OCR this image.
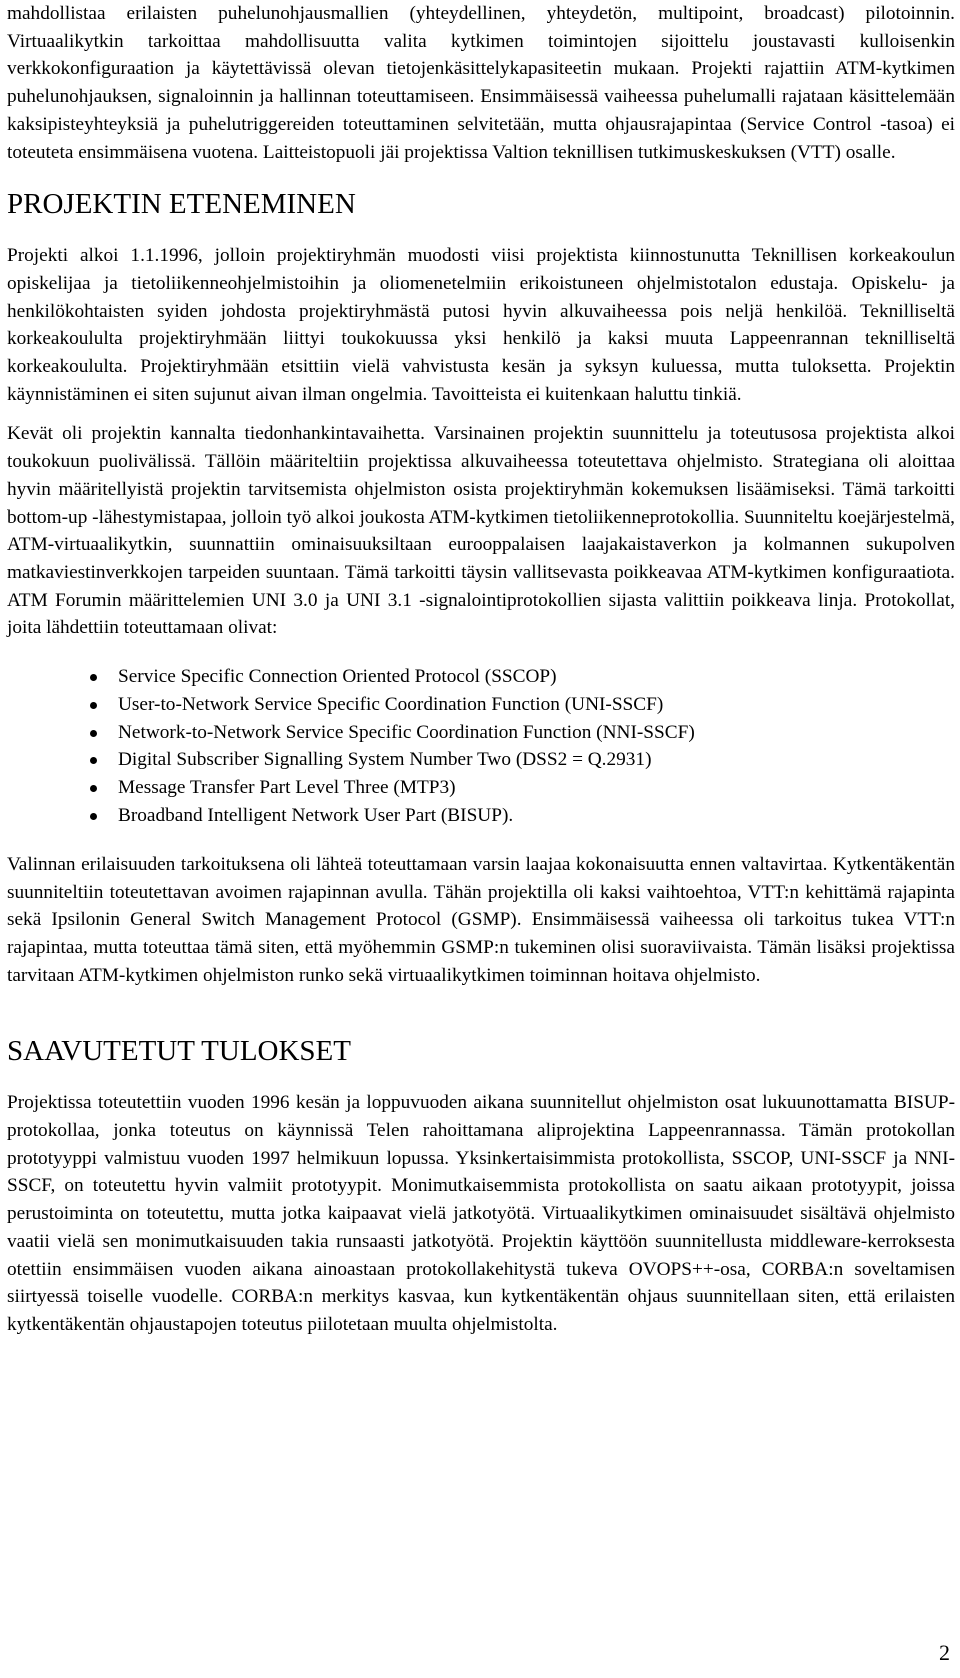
mahdollistaa erilaisten puhelunohjausmallien (yhteydellinen, yhteydetön, multipoint, broadcast) pilotoinnin. Virtuaalikytkin tarkoittaa mahdollisuutta valita kytkimen toimintojen sijoittelu joustavasti kulloisenkin verkkokonfiguraation ja käytettävissä olevan tietojenkäsittelykapasiteetin mukaan. Projekti rajattiin ATM-kytkimen puhelunohjauksen, signaloinnin ja hallinnan toteuttamiseen. Ensimmäisessä vaiheessa puhelumalli rajataan käsittelemään kaksipisteyhteyksiä ja puhelutriggereiden toteuttaminen selvitetään, mutta ohjausrajapintaa (Service Control -tasoa) ei toteuteta ensimmäisena vuotena. Laitteistopuoli jäi projektissa Valtion teknillisen tutkimuskeskuksen (VTT) osalle.

PROJEKTIN ETENEMINEN

Projekti alkoi 1.1.1996, jolloin projektiryhmän muodosti viisi projektista kiinnostunutta Teknillisen korkeakoulun opiskelijaa ja tietoliikenneohjelmistoihin ja oliomenetelmiin erikoistuneen ohjelmistotalon edustaja. Opiskelu- ja henkilökohtaisten syiden johdosta projektiryhmästä putosi hyvin alkuvaiheessa pois neljä henkilöä. Teknilliseltä korkeakoululta projektiryhmään liittyi toukokuussa yksi henkilö ja kaksi muuta Lappeenrannan teknilliseltä korkeakoululta. Projektiryhmään etsittiin vielä vahvistusta kesän ja syksyn kuluessa, mutta tuloksetta. Projektin käynnistäminen ei siten sujunut aivan ilman ongelmia. Tavoitteista ei kuitenkaan haluttu tinkiä.

Kevät oli projektin kannalta tiedonhankintavaihetta. Varsinainen projektin suunnittelu ja toteutusosa projektista alkoi toukokuun puolivälissä. Tällöin määriteltiin projektissa alkuvaiheessa toteutettava ohjelmisto. Strategiana oli aloittaa hyvin määritellyistä projektin tarvitsemista ohjelmiston osista projektiryhmän kokemuksen lisäämiseksi. Tämä tarkoitti bottom-up -lähestymistapaa, jolloin työ alkoi joukosta ATM-kytkimen tietoliikenneprotokollia. Suunniteltu koejärjestelmä, ATM-virtuaalikytkin, suunnattiin ominaisuuksiltaan eurooppalaisen laajakaistaverkon ja kolmannen sukupolven matkaviestinverkkojen tarpeiden suuntaan. Tämä tarkoitti täysin vallitsevasta poikkeavaa ATM-kytkimen konfiguraatiota. ATM Forumin määrittelemien UNI 3.0 ja UNI 3.1 -signalointiprotokollien sijasta valittiin poikkeava linja. Protokollat, joita lähdettiin toteuttamaan olivat:

Service Specific Connection Oriented Protocol (SSCOP)
User-to-Network Service Specific Coordination Function (UNI-SSCF)
Network-to-Network Service Specific Coordination Function (NNI-SSCF)
Digital Subscriber Signalling System Number Two (DSS2 = Q.2931)
Message Transfer Part Level Three (MTP3)
Broadband Intelligent Network User Part (BISUP).

Valinnan erilaisuuden tarkoituksena oli lähteä toteuttamaan varsin laajaa kokonaisuutta ennen valtavirtaa. Kytkentäkentän suunniteltiin toteutettavan avoimen rajapinnan avulla. Tähän projektilla oli kaksi vaihtoehtoa, VTT:n kehittämä rajapinta sekä Ipsilonin General Switch Management Protocol (GSMP). Ensimmäisessä vaiheessa oli tarkoitus tukea VTT:n rajapintaa, mutta toteuttaa tämä siten, että myöhemmin GSMP:n tukeminen olisi suoraviivaista. Tämän lisäksi projektissa tarvitaan ATM-kytkimen ohjelmiston runko sekä virtuaalikytkimen toiminnan hoitava ohjelmisto.

SAAVUTETUT TULOKSET

Projektissa toteutettiin vuoden 1996 kesän ja loppuvuoden aikana suunnitellut ohjelmiston osat lukuunottamatta BISUP-protokollaa, jonka toteutus on käynnissä Telen rahoittamana aliprojektina Lappeenrannassa. Tämän protokollan prototyyppi valmistuu vuoden 1997 helmikuun lopussa. Yksinkertaisimmista protokollista, SSCOP, UNI-SSCF ja NNI-SSCF, on toteutettu hyvin valmiit prototyypit. Monimutkaisemmista protokollista on saatu aikaan prototyypit, joissa perustoiminta on toteutettu, mutta jotka kaipaavat vielä jatkotyötä. Virtuaalikytkimen ominaisuudet sisältävä ohjelmisto vaatii vielä sen monimutkaisuuden takia runsaasti jatkotyötä. Projektin käyttöön suunnitellusta middleware-kerroksesta otettiin ensimmäisen vuoden aikana ainoastaan protokollakehitystä tukeva OVOPS++-osa, CORBA:n soveltamisen siirtyessä toiselle vuodelle. CORBA:n merkitys kasvaa, kun kytkentäkentän ohjaus suunnitellaan siten, että erilaisten kytkentäkentän ohjaustapojen toteutus piilotetaan muulta ohjelmistolta.

2
